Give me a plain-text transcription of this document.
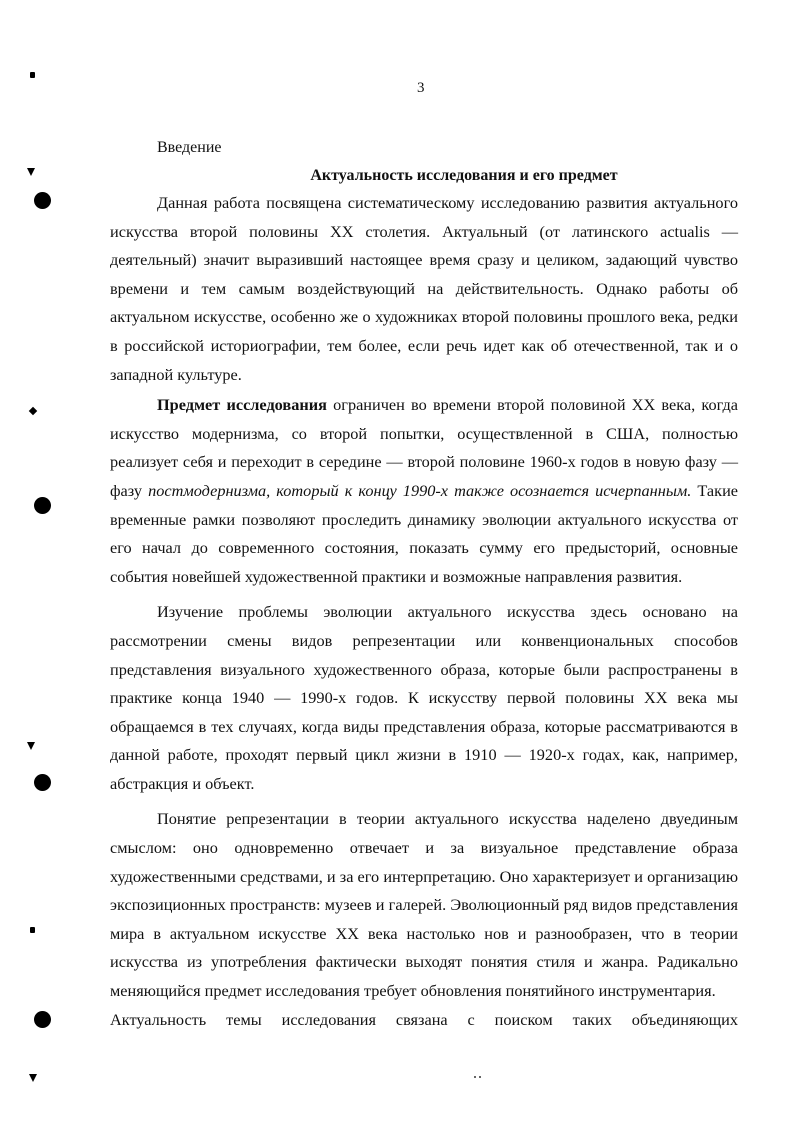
3
Введение
Актуальность исследования и его предмет

Данная работа посвящена систематическому исследованию развития актуального искусства второй половины XX столетия. Актуальный (от латинского actualis — деятельный) значит выразивший настоящее время сразу и целиком, задающий чувство времени и тем самым воздействующий на действительность. Однако работы об актуальном искусстве, особенно же о художниках второй половины прошлого века, редки в российской историографии, тем более, если речь идет как об отечественной, так и о западной культуре.

Предмет исследования ограничен во времени второй половиной XX века, когда искусство модернизма, со второй попытки, осуществленной в США, полностью реализует себя и переходит в середине — второй половине 1960-х годов в новую фазу — фазу постмодернизма, который к концу 1990-х также осознается исчерпанным. Такие временные рамки позволяют проследить динамику эволюции актуального искусства от его начал до современного состояния, показать сумму его предысторий, основные события новейшей художественной практики и возможные направления развития.

Изучение проблемы эволюции актуального искусства здесь основано на рассмотрении смены видов репрезентации или конвенциональных способов представления визуального художественного образа, которые были распространены в практике конца 1940 — 1990-х годов. К искусству первой половины XX века мы обращаемся в тех случаях, когда виды представления образа, которые рассматриваются в данной работе, проходят первый цикл жизни в 1910 — 1920-х годах, как, например, абстракция и объект.

Понятие репрезентации в теории актуального искусства наделено двуединым смыслом: оно одновременно отвечает и за визуальное представление образа художественными средствами, и за его интерпретацию. Оно характеризует и организацию экспозиционных пространств: музеев и галерей. Эволюционный ряд видов представления мира в актуальном искусстве XX века настолько нов и разнообразен, что в теории искусства из употребления фактически выходят понятия стиля и жанра. Радикально меняющийся предмет исследования требует обновления понятийного инструментария.

Актуальность темы исследования связана с поиском таких объединяющих
